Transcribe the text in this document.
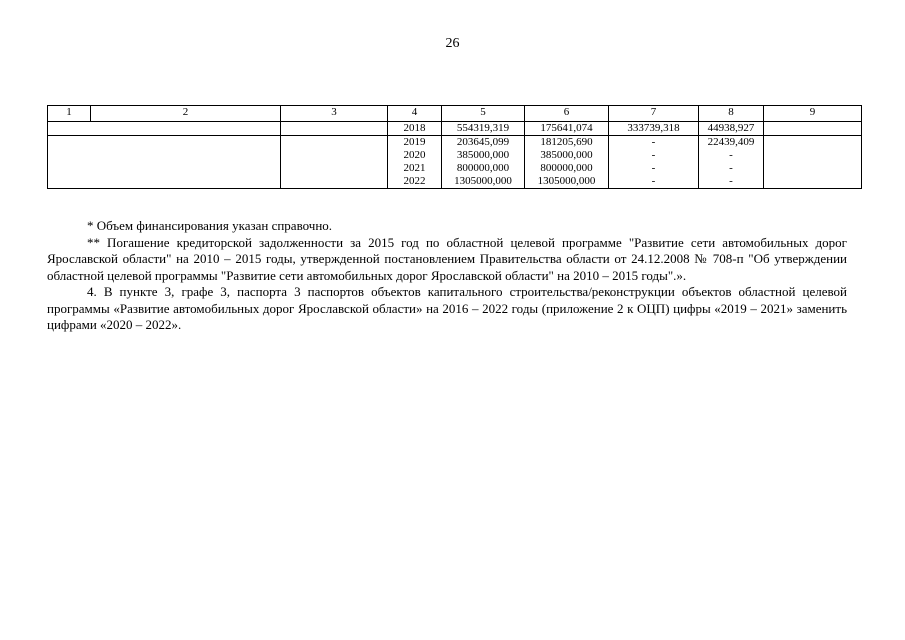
26
1	2	3	4	5	6	7	8	9
			2018	554319,319	175641,074	333739,318	44938,927	
			2019	203645,099	181205,690	-	22439,409	
			2020	385000,000	385000,000	-	-	
			2021	800000,000	800000,000	-	-	
			2022	1305000,000	1305000,000	-	-	

* Объем финансирования указан справочно.

** Погашение кредиторской задолженности за 2015 год по областной целевой программе "Развитие сети автомобильных дорог Ярославской области" на 2010 – 2015 годы, утвержденной постановлением Правительства области от 24.12.2008 № 708-п "Об утверждении областной целевой программы "Развитие сети автомобильных дорог Ярославской области" на 2010 – 2015 годы".».

4. В пункте 3, графе 3, паспорта 3 паспортов объектов капитального строительства/реконструкции объектов областной целевой программы «Развитие автомобильных дорог Ярославской области» на 2016 – 2022 годы (приложение 2 к ОЦП) цифры «2019 – 2021» заменить цифрами «2020 – 2022».
